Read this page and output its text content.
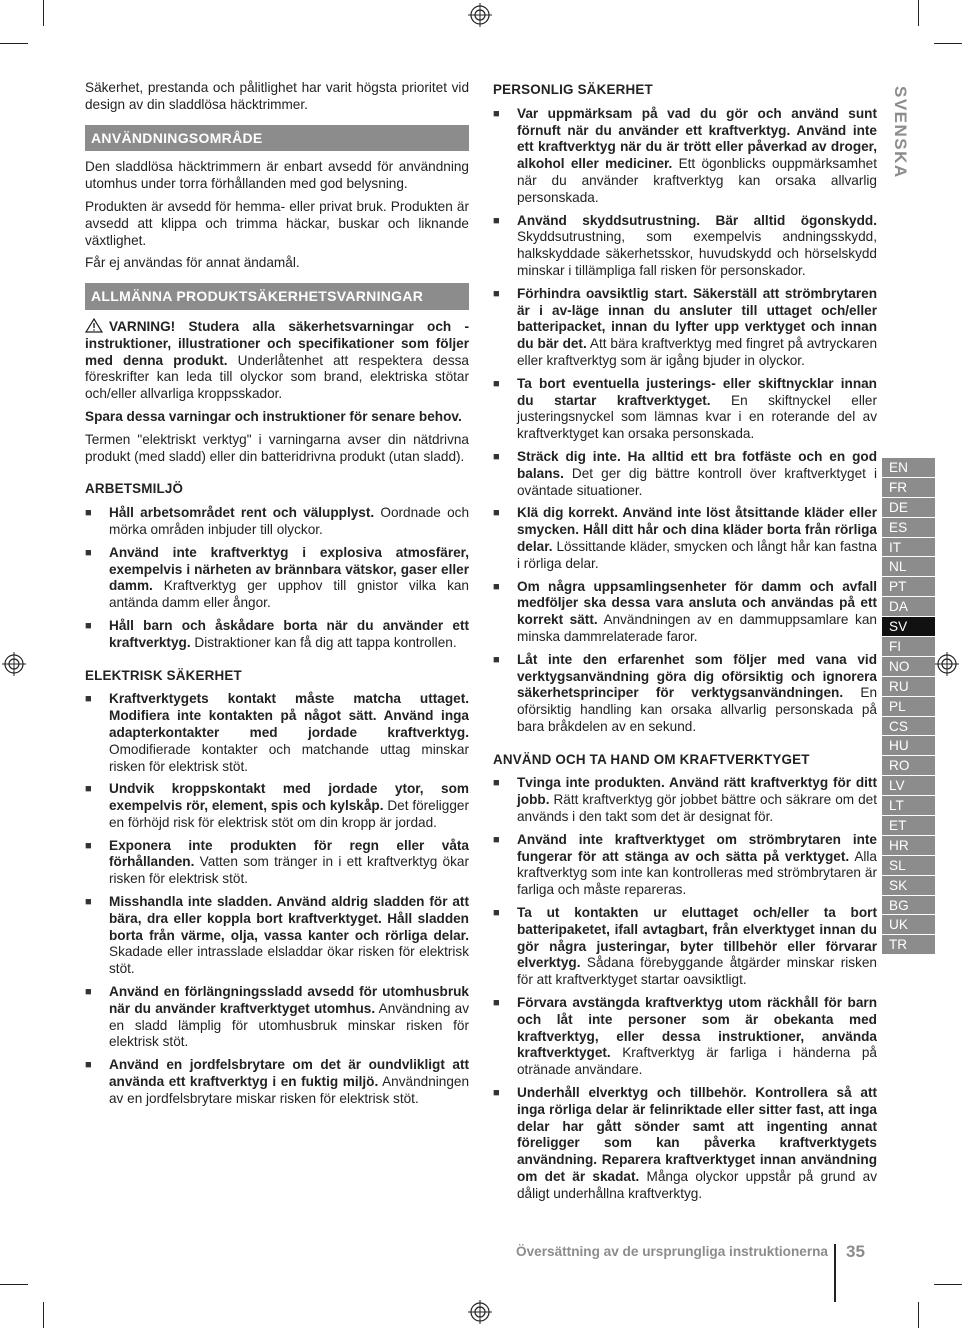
Säkerhet, prestanda och pålitlighet har varit högsta prioritet vid design av din sladdlösa häcktrimmer.

ANVÄNDNINGSOMRÅDE

Den sladdlösa häcktrimmern är enbart avsedd för användning utomhus under torra förhållanden med god belysning.

Produkten är avsedd för hemma- eller privat bruk. Produkten är avsedd att klippa och trimma häckar, buskar och liknande växtlighet.

Får ej användas för annat ändamål.

ALLMÄNNA PRODUKTSÄKERHETSVARNINGAR

VARNING! Studera alla säkerhetsvarningar och -instruktioner, illustrationer och specifikationer som följer med denna produkt. Underlåtenhet att respektera dessa föreskrifter kan leda till olyckor som brand, elektriska stötar och/eller allvarliga kroppsskador.

Spara dessa varningar och instruktioner för senare behov.

Termen "elektriskt verktyg" i varningarna avser din nätdrivna produkt (med sladd) eller din batteridrivna produkt (utan sladd).

ARBETSMILJÖ
■	Håll arbetsområdet rent och välupplyst. Oordnade och mörka områden inbjuder till olyckor.
■	Använd inte kraftverktyg i explosiva atmosfärer, exempelvis i närheten av brännbara vätskor, gaser eller damm. Kraftverktyg ger upphov till gnistor vilka kan antända damm eller ångor.
■	Håll barn och åskådare borta när du använder ett kraftverktyg. Distraktioner kan få dig att tappa kontrollen.
ELEKTRISK SÄKERHET
■	Kraftverktygets kontakt måste matcha uttaget. Modifiera inte kontakten på något sätt. Använd inga adapterkontakter med jordade kraftverktyg. Omodifierade kontakter och matchande uttag minskar risken för elektrisk stöt.
■	Undvik kroppskontakt med jordade ytor, som exempelvis rör, element, spis och kylskåp. Det föreligger en förhöjd risk för elektrisk stöt om din kropp är jordad.
■	Exponera inte produkten för regn eller våta förhållanden. Vatten som tränger in i ett kraftverktyg ökar risken för elektrisk stöt.
■	Misshandla inte sladden. Använd aldrig sladden för att bära, dra eller koppla bort kraftverktyget. Håll sladden borta från värme, olja, vassa kanter och rörliga delar. Skadade eller intrasslade elsladdar ökar risken för elektrisk stöt.
■	Använd en förlängningssladd avsedd för utomhusbruk när du använder kraftverktyget utomhus. Användning av en sladd lämplig för utomhusbruk minskar risken för elektrisk stöt.
■	Använd en jordfelsbrytare om det är oundvlikligt att använda ett kraftverktyg i en fuktig miljö. Användningen av en jordfelsbrytare miskar risken för elektrisk stöt.
PERSONLIG SÄKERHET
■	Var uppmärksam på vad du gör och använd sunt förnuft när du använder ett kraftverktyg. Använd inte ett kraftverktyg när du är trött eller påverkad av droger, alkohol eller mediciner. Ett ögonblicks ouppmärksamhet när du använder kraftverktyg kan orsaka allvarlig personskada.
■	Använd skyddsutrustning. Bär alltid ögonskydd. Skyddsutrustning, som exempelvis andningsskydd, halkskyddade säkerhetsskor, huvudskydd och hörselskydd minskar i tillämpliga fall risken för personskador.
■	Förhindra oavsiktlig start. Säkerställ att strömbrytaren är i av-läge innan du ansluter till uttaget och/eller batteripacket, innan du lyfter upp verktyget och innan du bär det. Att bära kraftverktyg med fingret på avtryckaren eller kraftverktyg som är igång bjuder in olyckor.
■	Ta bort eventuella justerings- eller skiftnycklar innan du startar kraftverktyget. En skiftnyckel eller justeringsnyckel som lämnas kvar i en roterande del av kraftverktyget kan orsaka personskada.
■	Sträck dig inte. Ha alltid ett bra fotfäste och en god balans. Det ger dig bättre kontroll över kraftverktyget i oväntade situationer.
■	Klä dig korrekt. Använd inte löst åtsittande kläder eller smycken. Håll ditt hår och dina kläder borta från rörliga delar. Lössittande kläder, smycken och långt hår kan fastna i rörliga delar.
■	Om några uppsamlingsenheter för damm och avfall medföljer ska dessa vara ansluta och användas på ett korrekt sätt. Användningen av en dammuppsamlare kan minska dammrelaterade faror.
■	Låt inte den erfarenhet som följer med vana vid verktygsanvändning göra dig oförsiktig och ignorera säkerhetsprinciper för verktygsanvändningen. En oförsiktig handling kan orsaka allvarlig personskada på bara bråkdelen av en sekund.
ANVÄND OCH TA HAND OM KRAFTVERKTYGET
■	Tvinga inte produkten. Använd rätt kraftverktyg för ditt jobb. Rätt kraftverktyg gör jobbet bättre och säkrare om det används i den takt som det är designat för.
■	Använd inte kraftverktyget om strömbrytaren inte fungerar för att stänga av och sätta på verktyget. Alla kraftverktyg som inte kan kontrolleras med strömbrytaren är farliga och måste repareras.
■	Ta ut kontakten ur eluttaget och/eller ta bort batteripaketet, ifall avtagbart, från elverktyget innan du gör några justeringar, byter tillbehör eller förvarar elverktyg. Sådana förebyggande åtgärder minskar risken för att kraftverktyget startar oavsiktligt.
■	Förvara avstängda kraftverktyg utom räckhåll för barn och låt inte personer som är obekanta med kraftverktyg, eller dessa instruktioner, använda kraftverktyget. Kraftverktyg är farliga i händerna på otränade användare.
■	Underhåll elverktyg och tillbehör. Kontrollera så att inga rörliga delar är felinriktade eller sitter fast, att inga delar har gått sönder samt att ingenting annat föreligger som kan påverka kraftverktygets användning. Reparera kraftverktyget innan användning om det är skadat. Många olyckor uppstår på grund av dåligt underhållna kraftverktyg.
SVENSKA
EN
FR
DE
ES
IT
NL
PT
DA
SV
FI
NO
RU
PL
CS
HU
RO
LV
LT
ET
HR
SL
SK
BG
UK
TR
Översättning av de ursprungliga instruktionerna 35
